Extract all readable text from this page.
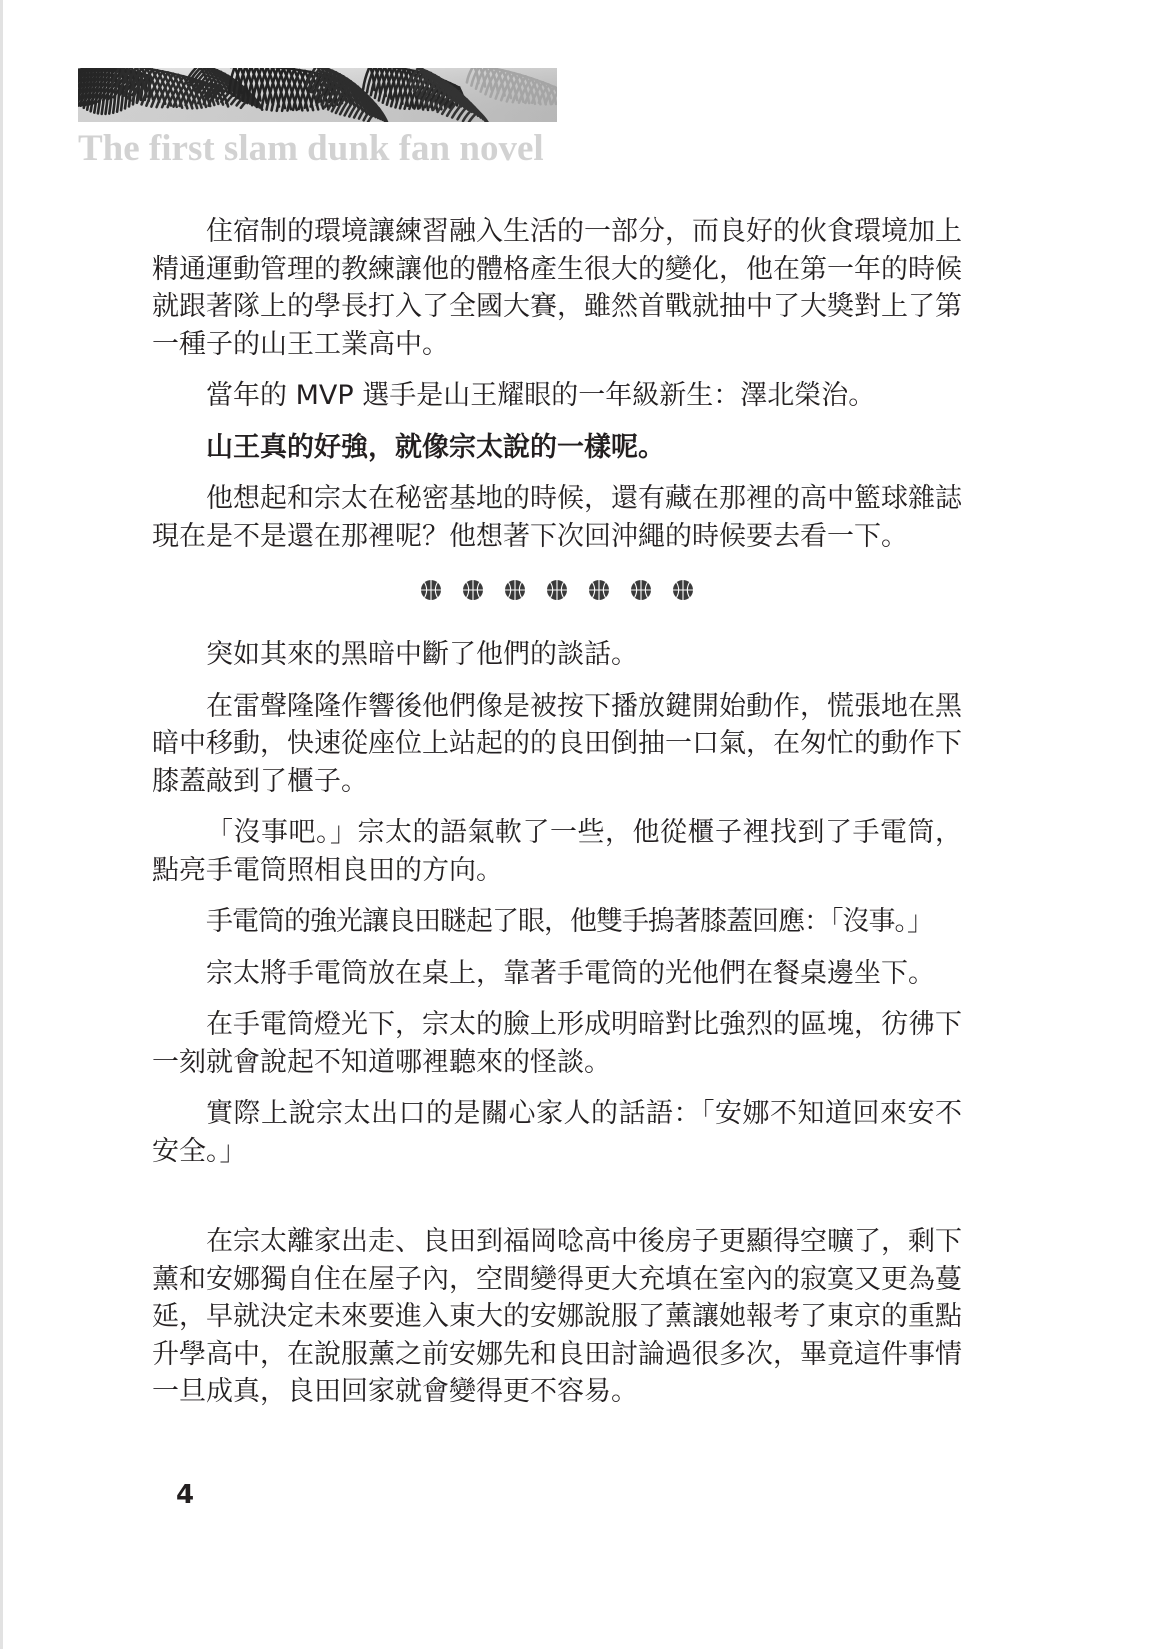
The first slam dunk fan novel
住宿制的環境讓練習融入生活的一部分，而良好的伙食環境加上
精通運動管理的教練讓他的體格產生很大的變化，他在第一年的時候
就跟著隊上的學長打入了全國大賽，雖然首戰就抽中了大獎對上了第
一種子的山王工業高中。
當年的 MVP 選手是山王耀眼的一年級新生：澤北榮治。
山王真的好強，就像宗太說的一樣呢。
他想起和宗太在秘密基地的時候，還有藏在那裡的高中籃球雜誌
現在是不是還在那裡呢？他想著下次回沖繩的時候要去看一下。
突如其來的黑暗中斷了他們的談話。
在雷聲隆隆作響後他們像是被按下播放鍵開始動作，慌張地在黑
暗中移動，快速從座位上站起的的良田倒抽一口氣，在匆忙的動作下
膝蓋敲到了櫃子。
「沒事吧。」宗太的語氣軟了一些，他從櫃子裡找到了手電筒，
點亮手電筒照相良田的方向。
手電筒的強光讓良田瞇起了眼，他雙手摀著膝蓋回應：「沒事。」
宗太將手電筒放在桌上，靠著手電筒的光他們在餐桌邊坐下。
在手電筒燈光下，宗太的臉上形成明暗對比強烈的區塊，彷彿下
一刻就會說起不知道哪裡聽來的怪談。
實際上說宗太出口的是關心家人的話語：「安娜不知道回來安不
安全。」
在宗太離家出走、良田到福岡唸高中後房子更顯得空曠了，剩下
薰和安娜獨自住在屋子內，空間變得更大充填在室內的寂寞又更為蔓
延，早就決定未來要進入東大的安娜說服了薰讓她報考了東京的重點
升學高中，在說服薰之前安娜先和良田討論過很多次，畢竟這件事情
一旦成真，良田回家就會變得更不容易。
4
